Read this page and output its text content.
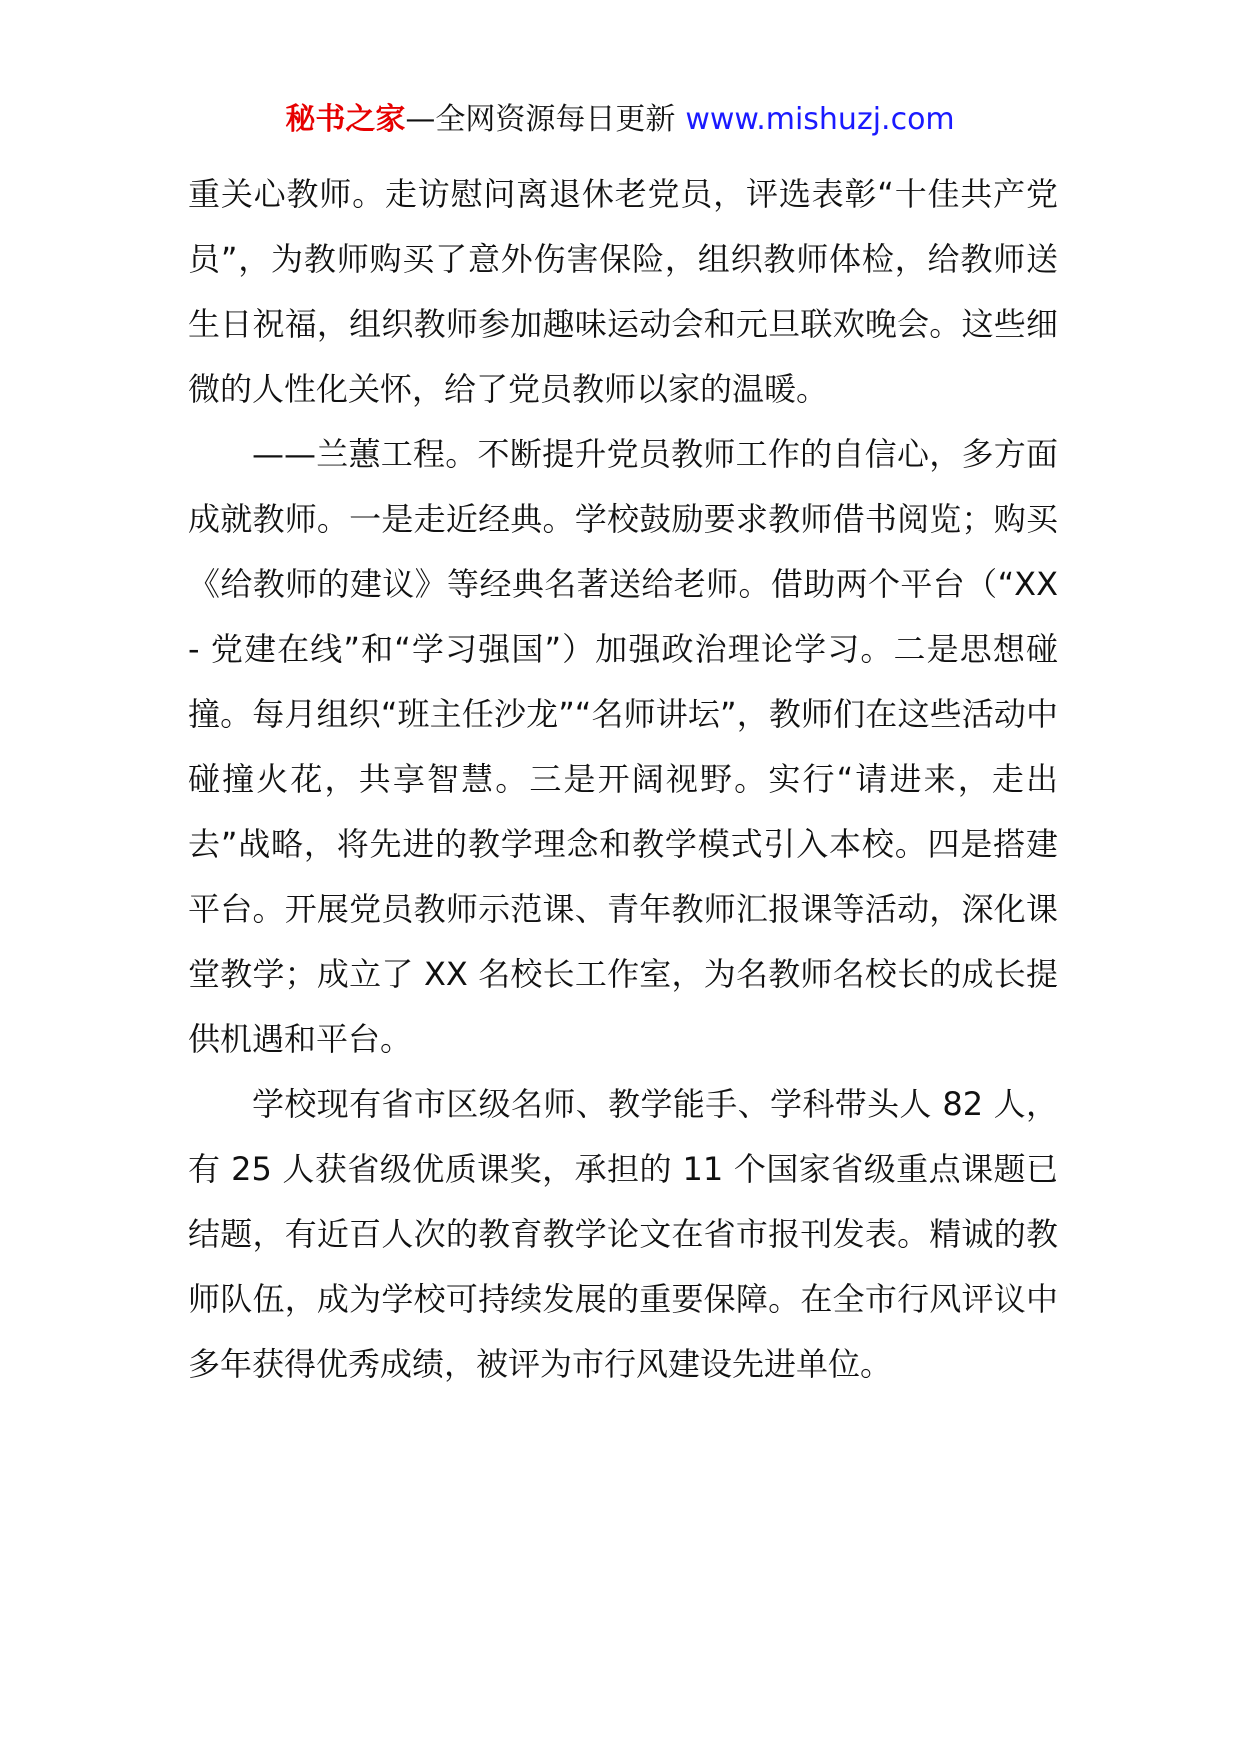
秘书之家—全网资源每日更新 www.mishuzj.com

重关心教师。走访慰问离退休老党员，评选表彰“十佳共产党员”，为教师购买了意外伤害保险，组织教师体检，给教师送生日祝福，组织教师参加趣味运动会和元旦联欢晚会。这些细微的人性化关怀，给了党员教师以家的温暖。

——兰蕙工程。不断提升党员教师工作的自信心，多方面成就教师。一是走近经典。学校鼓励要求教师借书阅览；购买《给教师的建议》等经典名著送给老师。借助两个平台（“XX - 党建在线”和“学习强国”）加强政治理论学习。二是思想碰撞。每月组织“班主任沙龙”“名师讲坛”，教师们在这些活动中碰撞火花，共享智慧。三是开阔视野。实行“请进来，走出去”战略，将先进的教学理念和教学模式引入本校。四是搭建平台。开展党员教师示范课、青年教师汇报课等活动，深化课堂教学；成立了 XX 名校长工作室，为名教师名校长的成长提供机遇和平台。

学校现有省市区级名师、教学能手、学科带头人 82 人，有 25 人获省级优质课奖，承担的 11 个国家省级重点课题已结题，有近百人次的教育教学论文在省市报刊发表。精诚的教师队伍，成为学校可持续发展的重要保障。在全市行风评议中多年获得优秀成绩，被评为市行风建设先进单位。
